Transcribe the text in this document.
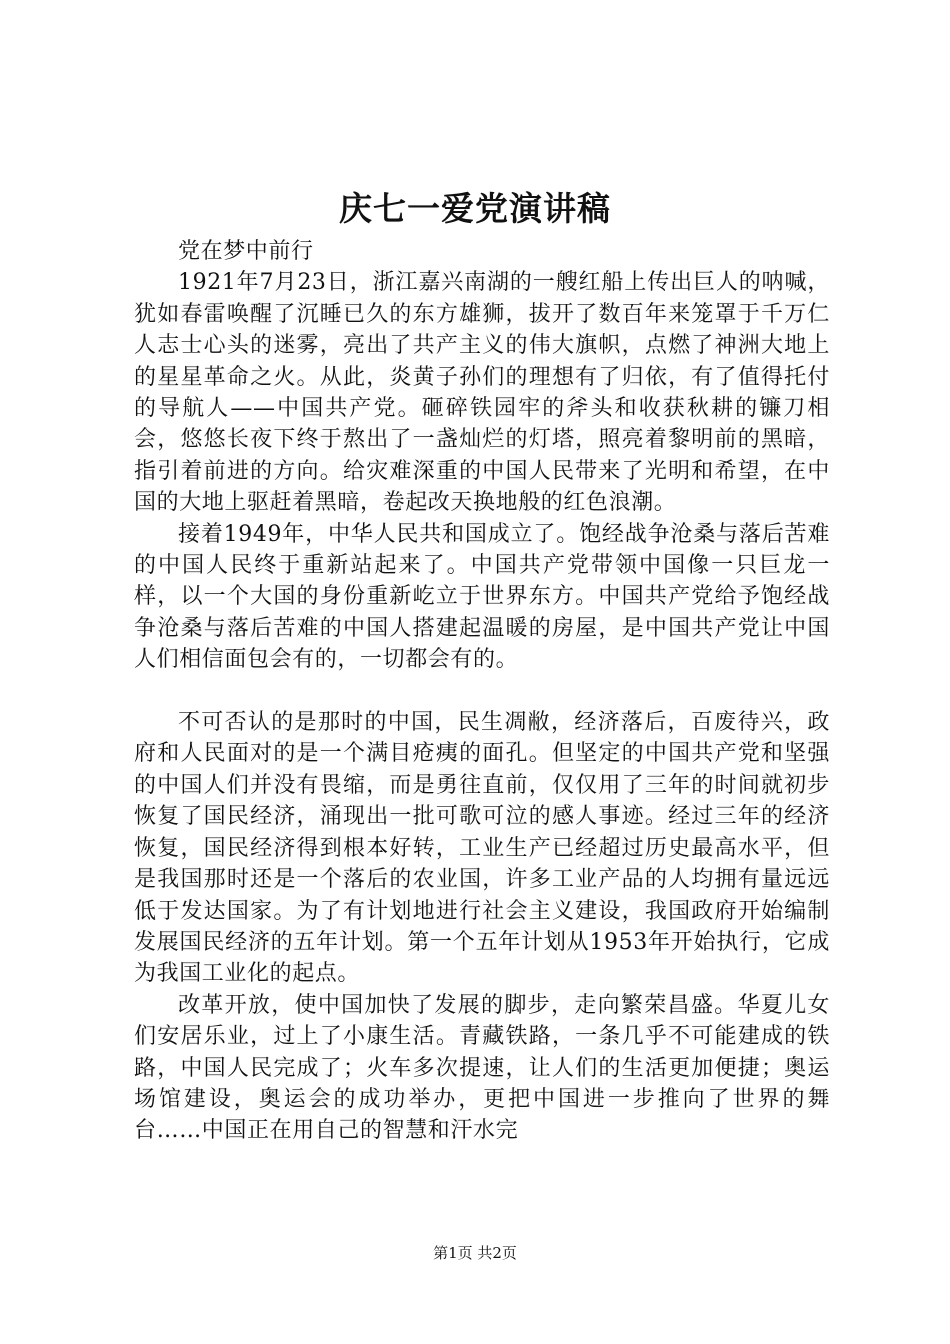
庆七一爱党演讲稿

党在梦中前行

1921年7月23日，浙江嘉兴南湖的一艘红船上传出巨人的呐喊，犹如春雷唤醒了沉睡已久的东方雄狮，拔开了数百年来笼罩于千万仁人志士心头的迷雾，亮出了共产主义的伟大旗帜，点燃了神洲大地上的星星革命之火。从此，炎黄子孙们的理想有了归依，有了值得托付的导航人——中国共产党。砸碎铁园牢的斧头和收获秋耕的镰刀相会，悠悠长夜下终于熬出了一盏灿烂的灯塔，照亮着黎明前的黑暗，指引着前进的方向。给灾难深重的中国人民带来了光明和希望，在中国的大地上驱赶着黑暗，卷起改天换地般的红色浪潮。

接着1949年，中华人民共和国成立了。饱经战争沧桑与落后苦难的中国人民终于重新站起来了。中国共产党带领中国像一只巨龙一样，以一个大国的身份重新屹立于世界东方。中国共产党给予饱经战争沧桑与落后苦难的中国人搭建起温暖的房屋，是中国共产党让中国人们相信面包会有的，一切都会有的。

不可否认的是那时的中国，民生凋敝，经济落后，百废待兴，政府和人民面对的是一个满目疮痍的面孔。但坚定的中国共产党和坚强的中国人们并没有畏缩，而是勇往直前，仅仅用了三年的时间就初步恢复了国民经济，涌现出一批可歌可泣的感人事迹。经过三年的经济恢复，国民经济得到根本好转，工业生产已经超过历史最高水平，但是我国那时还是一个落后的农业国，许多工业产品的人均拥有量远远低于发达国家。为了有计划地进行社会主义建设，我国政府开始编制发展国民经济的五年计划。第一个五年计划从1953年开始执行，它成为我国工业化的起点。

改革开放，使中国加快了发展的脚步，走向繁荣昌盛。华夏儿女们安居乐业，过上了小康生活。青藏铁路，一条几乎不可能建成的铁路，中国人民完成了；火车多次提速，让人们的生活更加便捷；奥运场馆建设，奥运会的成功举办，更把中国进一步推向了世界的舞台……中国正在用自己的智慧和汗水完

第1页 共2页
